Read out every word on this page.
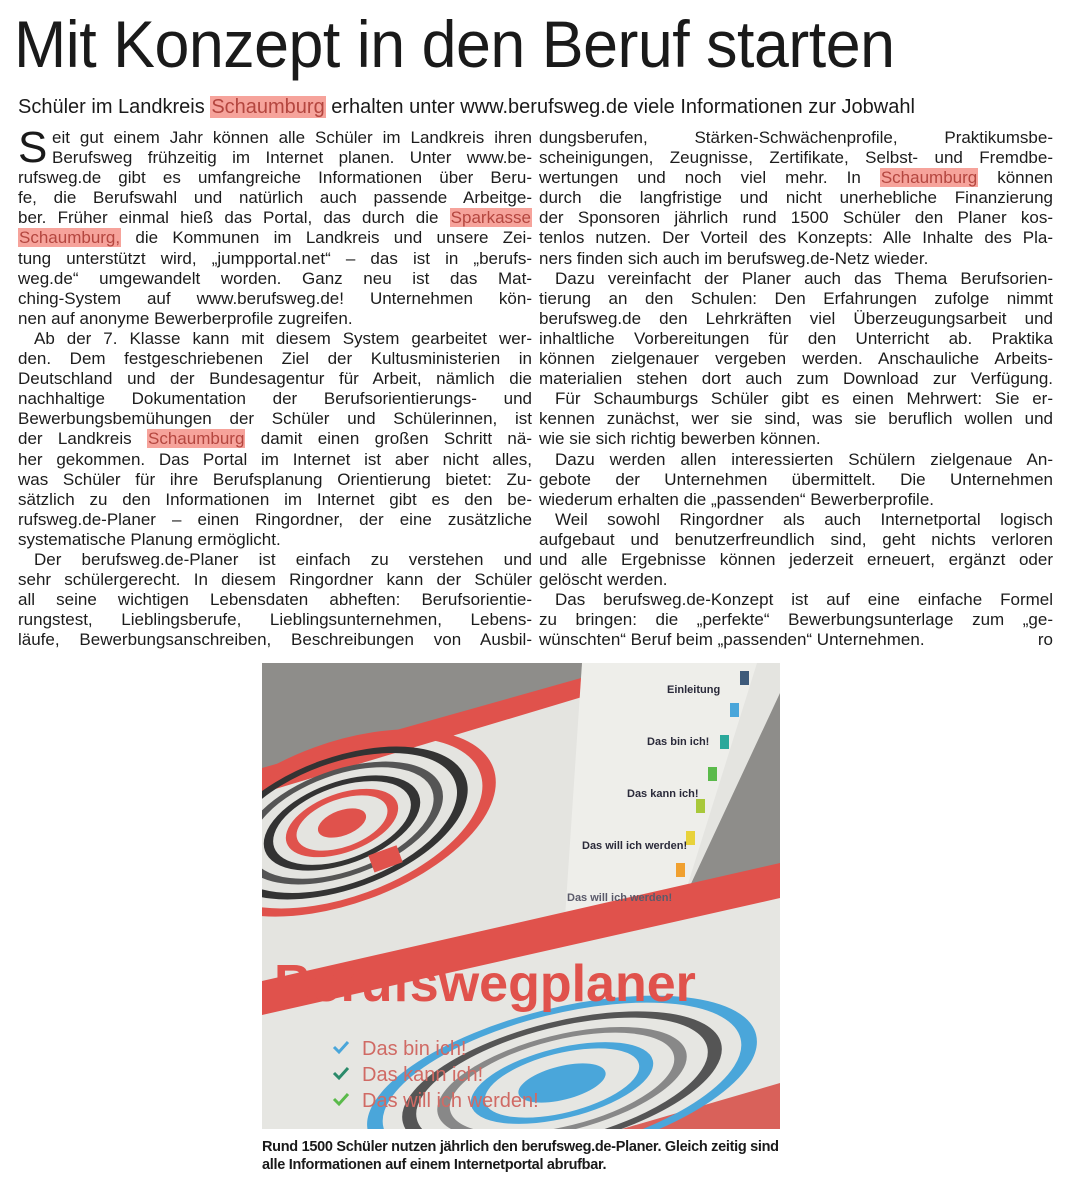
Mit Konzept in den Beruf starten
Schüler im Landkreis Schaumburg erhalten unter www.berufsweg.de viele Informationen zur Jobwahl
S eit gut einem Jahr können alle Schüler im Landkreis ihren
Berufsweg frühzeitig im Internet planen. Unter www.be-
rufsweg.de gibt es umfangreiche Informationen über Beru-
fe, die Berufswahl und natürlich auch passende Arbeitge-
ber. Früher einmal hieß das Portal, das durch die Sparkasse
Schaumburg, die Kommunen im Landkreis und unsere Zei-
tung unterstützt wird, „jumpportal.net“ – das ist in „berufs-
weg.de“ umgewandelt worden. Ganz neu ist das Mat-
ching-System auf www.berufsweg.de! Unternehmen kön-
nen auf anonyme Bewerberprofile zugreifen.
Ab der 7. Klasse kann mit diesem System gearbeitet wer-
den. Dem festgeschriebenen Ziel der Kultusministerien in
Deutschland und der Bundesagentur für Arbeit, nämlich die
nachhaltige Dokumentation der Berufsorientierungs- und
Bewerbungsbemühungen der Schüler und Schülerinnen, ist
der Landkreis Schaumburg damit einen großen Schritt nä-
her gekommen. Das Portal im Internet ist aber nicht alles,
was Schüler für ihre Berufsplanung Orientierung bietet: Zu-
sätzlich zu den Informationen im Internet gibt es den be-
rufsweg.de-Planer – einen Ringordner, der eine zusätzliche
systematische Planung ermöglicht.
Der berufsweg.de-Planer ist einfach zu verstehen und
sehr schülergerecht. In diesem Ringordner kann der Schüler
all seine wichtigen Lebensdaten abheften: Berufsorientie-
rungstest, Lieblingsberufe, Lieblingsunternehmen, Lebens-
läufe, Bewerbungsanschreiben, Beschreibungen von Ausbil-
dungsberufen, Stärken-Schwächenprofile, Praktikumsbe-
scheinigungen, Zeugnisse, Zertifikate, Selbst- und Fremdbe-
wertungen und noch viel mehr. In Schaumburg können
durch die langfristige und nicht unerhebliche Finanzierung
der Sponsoren jährlich rund 1500 Schüler den Planer kos-
tenlos nutzen. Der Vorteil des Konzepts: Alle Inhalte des Pla-
ners finden sich auch im berufsweg.de-Netz wieder.
Dazu vereinfacht der Planer auch das Thema Berufsorien-
tierung an den Schulen: Den Erfahrungen zufolge nimmt
berufsweg.de den Lehrkräften viel Überzeugungsarbeit und
inhaltliche Vorbereitungen für den Unterricht ab. Praktika
können zielgenauer vergeben werden. Anschauliche Arbeits-
materialien stehen dort auch zum Download zur Verfügung.
Für Schaumburgs Schüler gibt es einen Mehrwert: Sie er-
kennen zunächst, wer sie sind, was sie beruflich wollen und
wie sie sich richtig bewerben können.
Dazu werden allen interessierten Schülern zielgenaue An-
gebote der Unternehmen übermittelt. Die Unternehmen
wiederum erhalten die „passenden“ Bewerberprofile.
Weil sowohl Ringordner als auch Internetportal logisch
aufgebaut und benutzerfreundlich sind, geht nichts verloren
und alle Ergebnisse können jederzeit erneuert, ergänzt oder
gelöscht werden.
Das berufsweg.de-Konzept ist auf eine einfache Formel
zu bringen: die „perfekte“ Bewerbungsunterlage zum „ge-
wünschten“ Beruf beim „passenden“ Unternehmen.	ro
Einleitung
Das bin ich!
Das kann ich!
Das will ich werden!
Das will ich werden!
Berufswegplaner
Das bin ich!
Das kann ich!
Das will ich werden!
Rund 1500 Schüler nutzen jährlich den berufsweg.de-Planer. Gleich zeitig sind alle Informationen auf einem Internetportal abrufbar.
